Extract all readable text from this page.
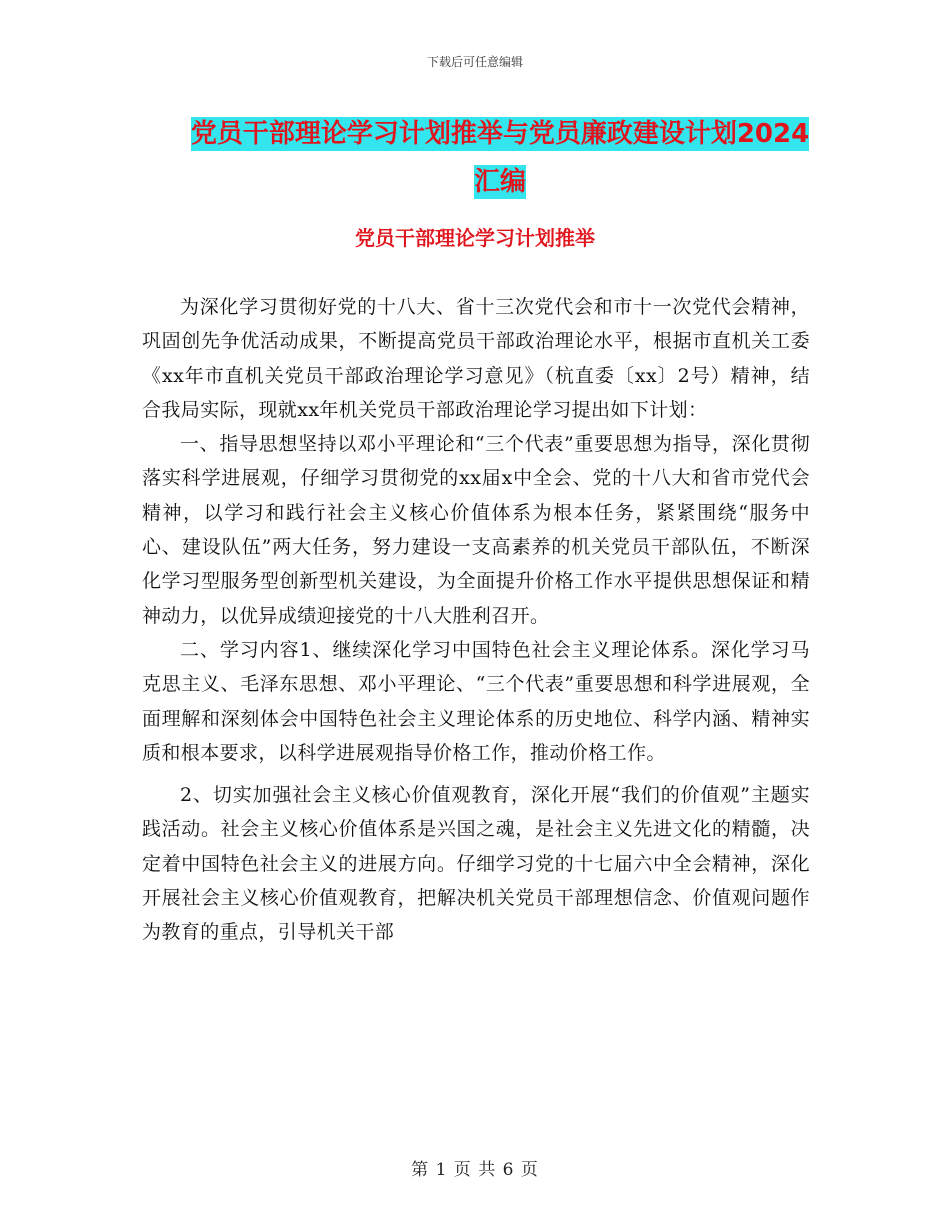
下载后可任意编辑
党员干部理论学习计划推举与党员廉政建设计划2024汇编
党员干部理论学习计划推举

为深化学习贯彻好党的十八大、省十三次党代会和市十一次党代会精神，巩固创先争优活动成果，不断提高党员干部政治理论水平，根据市直机关工委《xx年市直机关党员干部政治理论学习意见》（杭直委〔xx〕2号）精神，结合我局实际，现就xx年机关党员干部政治理论学习提出如下计划：

一、指导思想坚持以邓小平理论和“三个代表”重要思想为指导，深化贯彻落实科学进展观，仔细学习贯彻党的xx届x中全会、党的十八大和省市党代会精神，以学习和践行社会主义核心价值体系为根本任务，紧紧围绕“服务中心、建设队伍”两大任务，努力建设一支高素养的机关党员干部队伍，不断深化学习型服务型创新型机关建设，为全面提升价格工作水平提供思想保证和精神动力，以优异成绩迎接党的十八大胜利召开。

二、学习内容1、继续深化学习中国特色社会主义理论体系。深化学习马克思主义、毛泽东思想、邓小平理论、“三个代表”重要思想和科学进展观，全面理解和深刻体会中国特色社会主义理论体系的历史地位、科学内涵、精神实质和根本要求，以科学进展观指导价格工作，推动价格工作。

2、切实加强社会主义核心价值观教育，深化开展“我们的价值观”主题实践活动。社会主义核心价值体系是兴国之魂，是社会主义先进文化的精髓，决定着中国特色社会主义的进展方向。仔细学习党的十七届六中全会精神，深化开展社会主义核心价值观教育，把解决机关党员干部理想信念、价值观问题作为教育的重点，引导机关干部

第 1 页 共 6 页
